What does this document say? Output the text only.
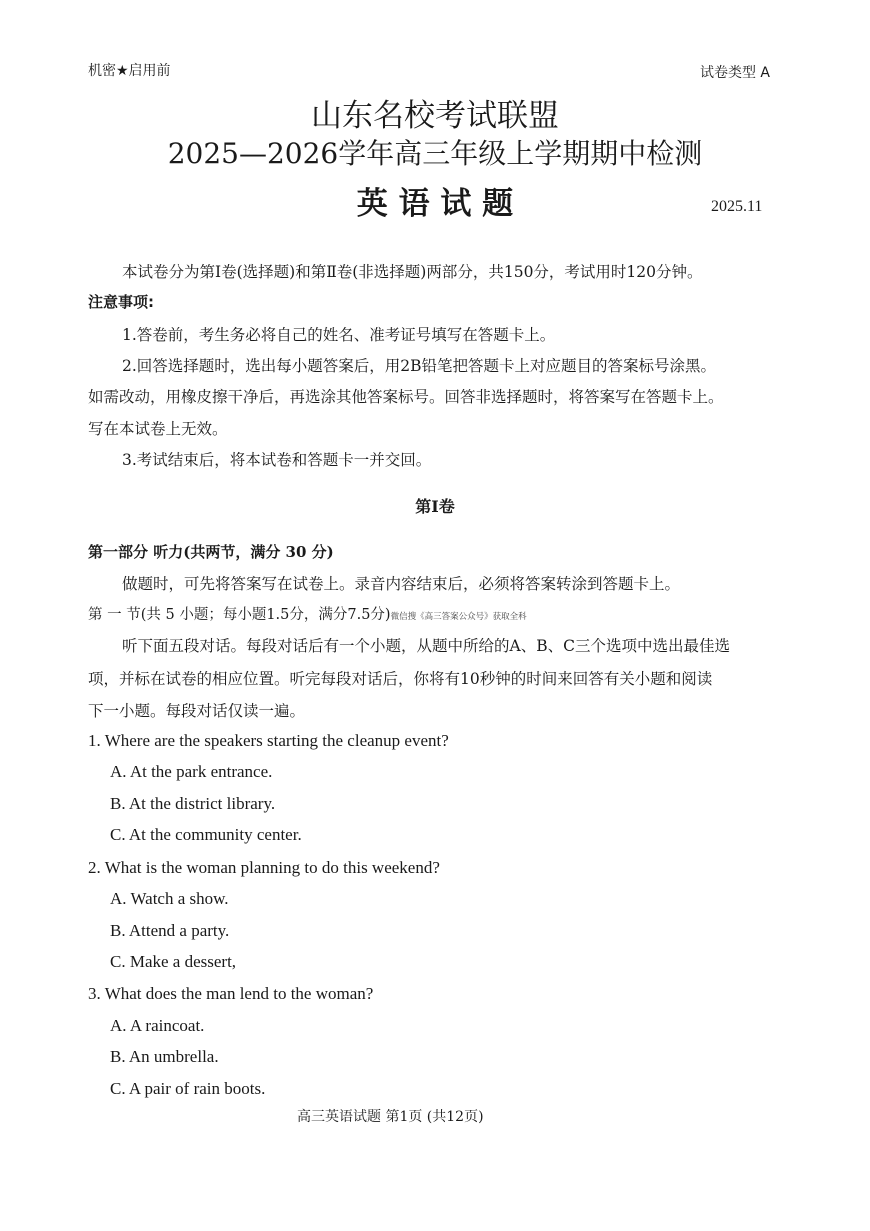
机密★启用前	试卷类型 A
山东名校考试联盟
2025—2026学年高三年级上学期期中检测
英 语 试 题	2025.11
本试卷分为第Ⅰ卷(选择题)和第Ⅱ卷(非选择题)两部分，共150分，考试用时120分钟。
注意事项:
1.答卷前，考生务必将自己的姓名、准考证号填写在答题卡上。
2.回答选择题时，选出每小题答案后，用2B铅笔把答题卡上对应题目的答案标号涂黑。
如需改动，用橡皮擦干净后，再选涂其他答案标号。回答非选择题时，将答案写在答题卡上。
写在本试卷上无效。
3.考试结束后，将本试卷和答题卡一并交回。
第Ⅰ卷
第一部分 听力(共两节，满分 30 分)
做题时，可先将答案写在试卷上。录音内容结束后，必须将答案转涂到答题卡上。
第 一 节(共 5 小题；每小题1.5分，满分7.5分)微信搜《高三答案公众号》获取全科
听下面五段对话。每段对话后有一个小题，从题中所给的A、B、C三个选项中选出最佳选
项，并标在试卷的相应位置。听完每段对话后，你将有10秒钟的时间来回答有关小题和阅读
下一小题。每段对话仅读一遍。
1. Where are the speakers starting the cleanup event?
A. At the park entrance.
B. At the district library.
C. At the community center.
2. What is the woman planning to do this weekend?
A. Watch a show.
B. Attend a party.
C. Make a dessert,
3. What does the man lend to the woman?
A. A raincoat.
B. An umbrella.
C. A pair of rain boots.
高三英语试题 第1页 (共12页)
